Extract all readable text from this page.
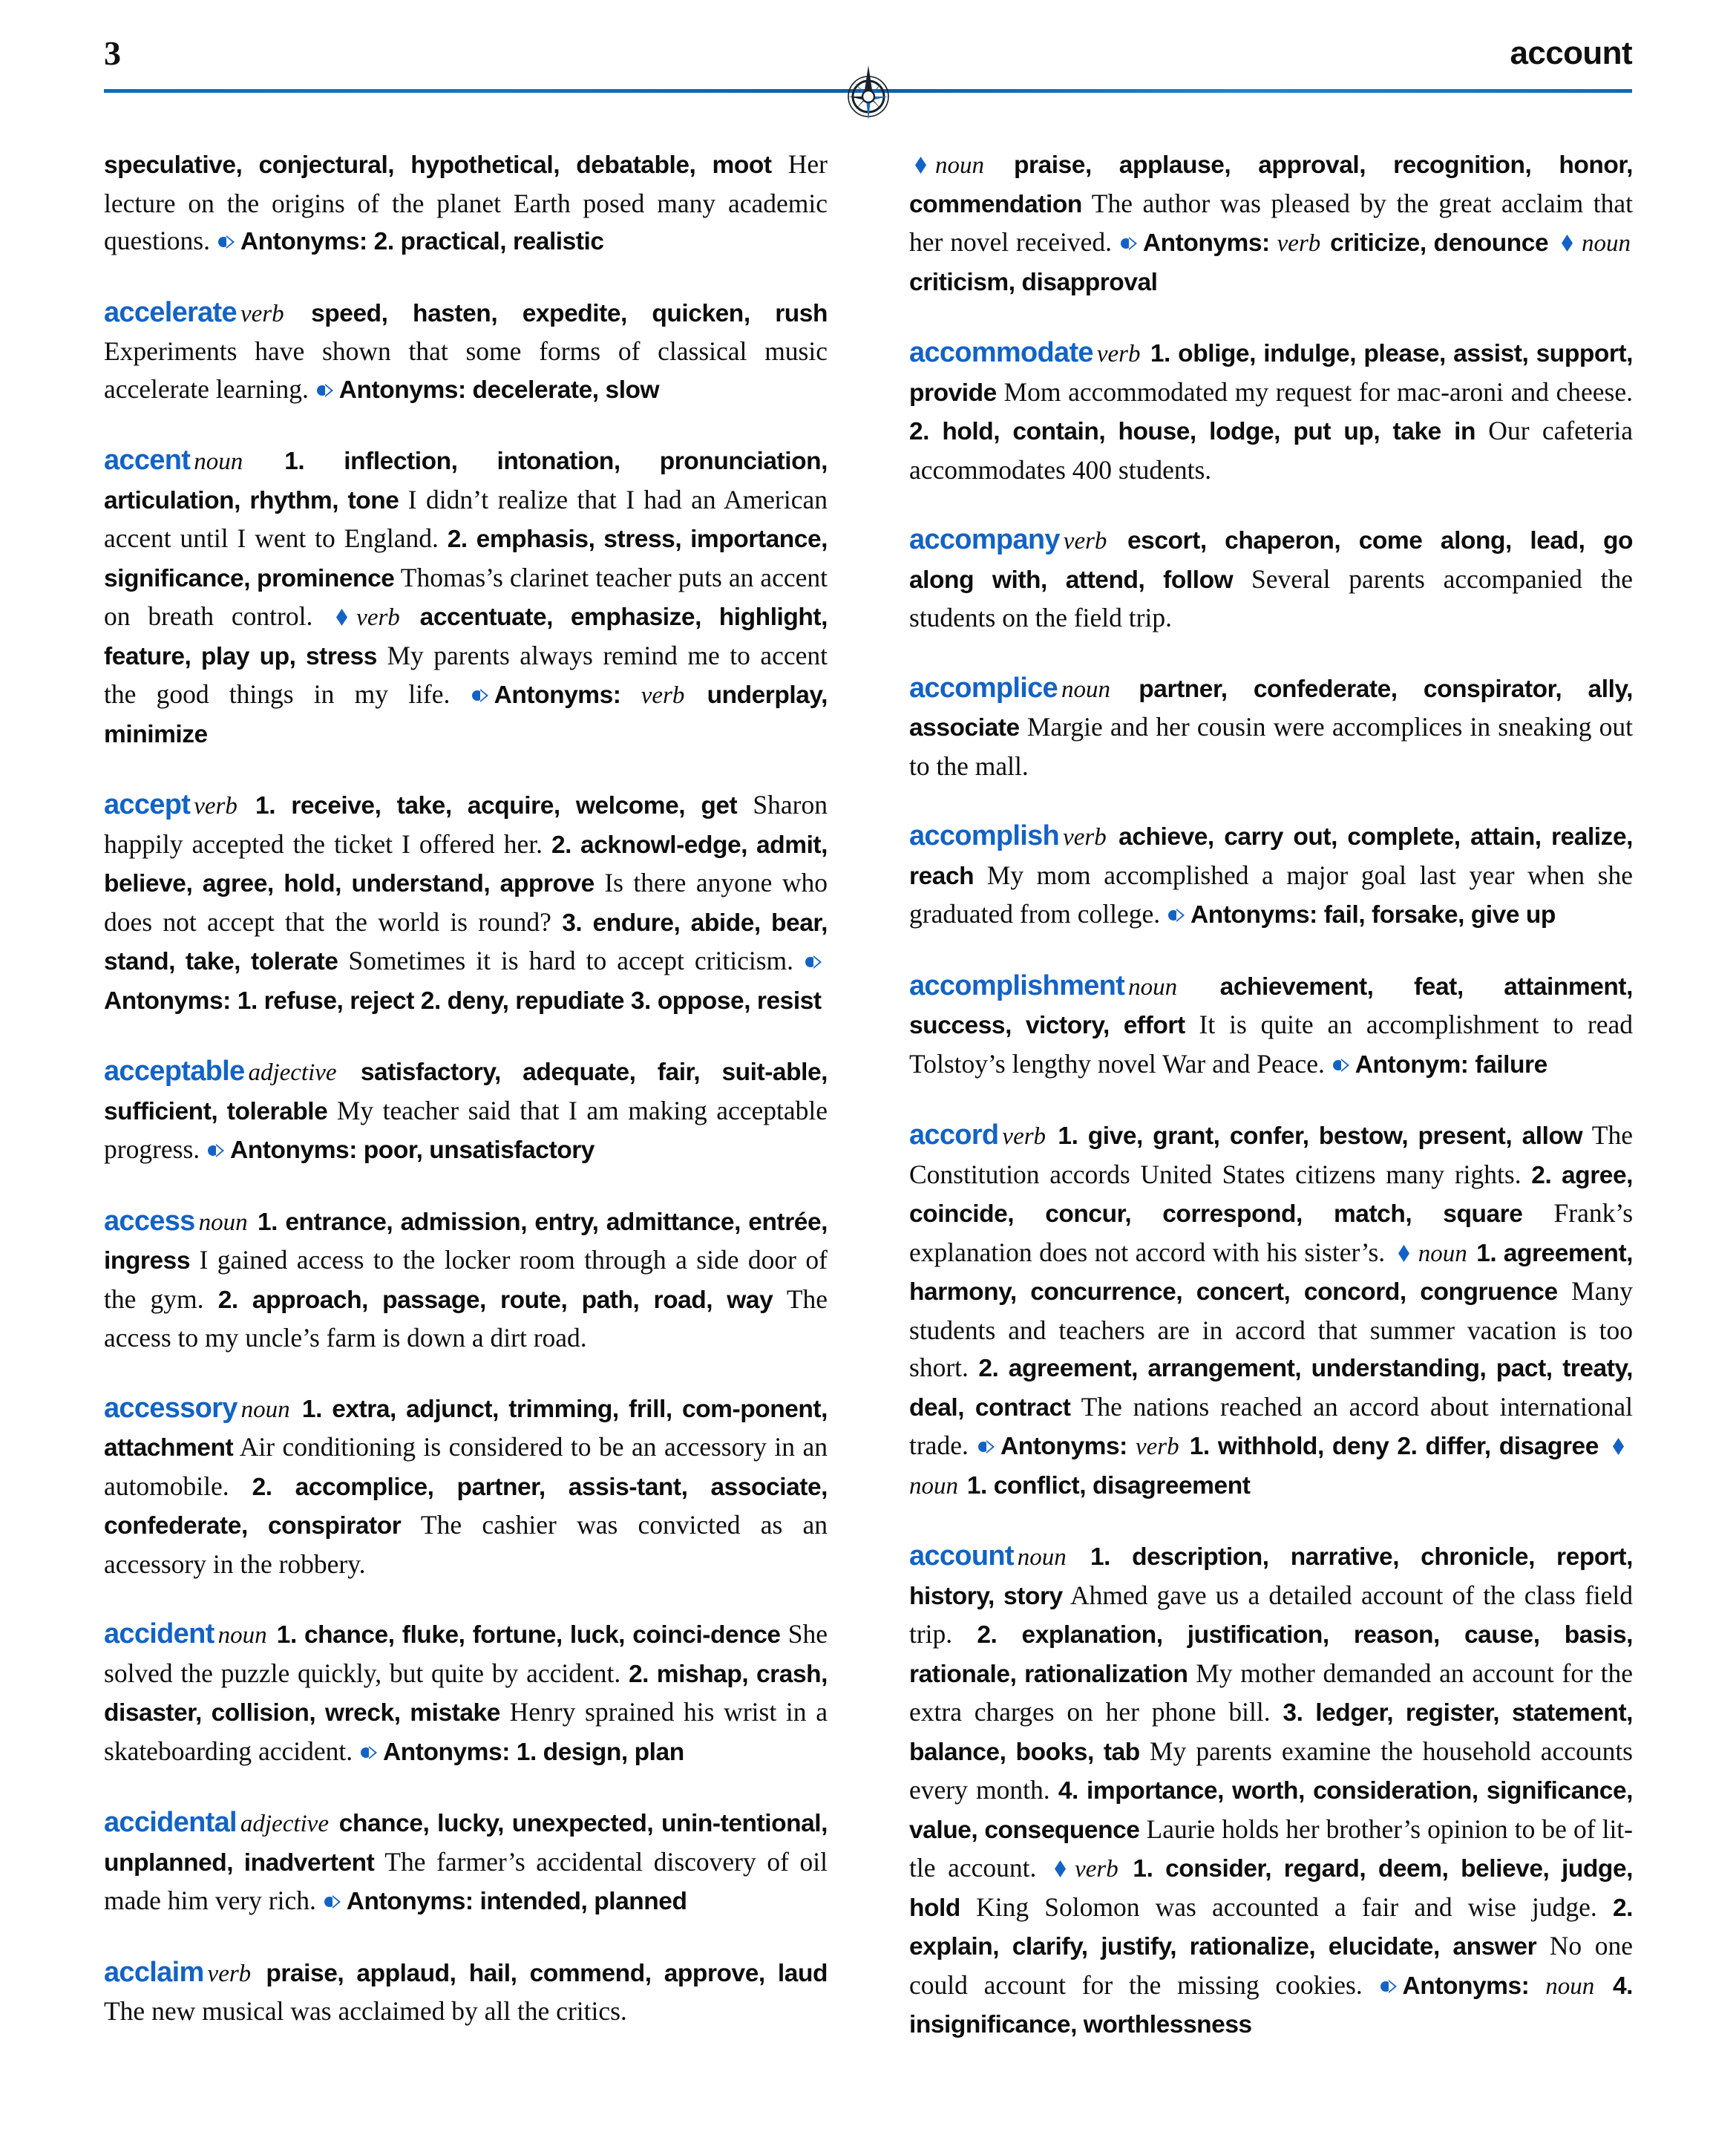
3	account

speculative, conjectural, hypothetical, debatable, moot Her lecture on the origins of the planet Earth posed many academic questions.
Antonyms: 2. practical, realistic

accelerate verb speed, hasten, expedite, quicken, rush Experiments have shown that some forms of classical music accelerate learning.
Antonyms: decelerate, slow

accent noun 1. inflection, intonation, pronunciation, articulation, rhythm, tone I didn’t realize that I had an American accent until I went to England. 2. emphasis, stress, importance, significance, prominence Thomas’s clarinet teacher puts an accent on breath control.
verb accentuate, emphasize, highlight, feature, play up, stress My parents always remind me to accent the good things in my life.
Antonyms: verb underplay, minimize

accept verb 1. receive, take, acquire, welcome, get Sharon happily accepted the ticket I offered her. 2. acknowl-edge, admit, believe, agree, hold, understand, approve Is there anyone who does not accept that the world is round? 3. endure, abide, bear, stand, take, tolerate Sometimes it is hard to accept criticism.
Antonyms: 1. refuse, reject 2. deny, repudiate 3. oppose, resist

acceptable adjective satisfactory, adequate, fair, suit-able, sufficient, tolerable My teacher said that I am making acceptable progress.
Antonyms: poor, unsatisfactory

access noun 1. entrance, admission, entry, admittance, entrée, ingress I gained access to the locker room through a side door of the gym. 2. approach, passage, route, path, road, way The access to my uncle’s farm is down a dirt road.

accessory noun 1. extra, adjunct, trimming, frill, com-ponent, attachment Air conditioning is considered to be an accessory in an automobile. 2. accomplice, partner, assis-tant, associate, confederate, conspirator The cashier was convicted as an accessory in the robbery.

accident noun 1. chance, fluke, fortune, luck, coinci-dence She solved the puzzle quickly, but quite by accident. 2. mishap, crash, disaster, collision, wreck, mistake Henry sprained his wrist in a skateboarding accident.
Antonyms: 1. design, plan

accidental adjective chance, lucky, unexpected, unin-tentional, unplanned, inadvertent The farmer’s accidental discovery of oil made him very rich.
Antonyms: intended, planned

acclaim verb praise, applaud, hail, commend, approve, laud The new musical was acclaimed by all the critics.

noun praise, applause, approval, recognition, honor, commendation The author was pleased by the great acclaim that her novel received.
Antonyms: verb criticize, denounce
noun criticism, disapproval

accommodate verb 1. oblige, indulge, please, assist, support, provide Mom accommodated my request for mac-aroni and cheese. 2. hold, contain, house, lodge, put up, take in Our cafeteria accommodates 400 students.

accompany verb escort, chaperon, come along, lead, go along with, attend, follow Several parents accompanied the students on the field trip.

accomplice noun partner, confederate, conspirator, ally, associate Margie and her cousin were accomplices in sneaking out to the mall.

accomplish verb achieve, carry out, complete, attain, realize, reach My mom accomplished a major goal last year when she graduated from college.
Antonyms: fail, forsake, give up

accomplishment noun achievement, feat, attainment, success, victory, effort It is quite an accomplishment to read Tolstoy’s lengthy novel War and Peace.
Antonym: failure

accord verb 1. give, grant, confer, bestow, present, allow The Constitution accords United States citizens many rights. 2. agree, coincide, concur, correspond, match, square Frank’s explanation does not accord with his sister’s.
noun 1. agreement, harmony, concurrence, concert, concord, congruence Many students and teachers are in accord that summer vacation is too short. 2. agreement, arrangement, understanding, pact, treaty, deal, contract The nations reached an accord about international trade.
Antonyms: verb 1. withhold, deny 2. differ, disagree
noun 1. conflict, disagreement

account noun 1. description, narrative, chronicle, report, history, story Ahmed gave us a detailed account of the class field trip. 2. explanation, justification, reason, cause, basis, rationale, rationalization My mother demanded an account for the extra charges on her phone bill. 3. ledger, register, statement, balance, books, tab My parents examine the household accounts every month. 4. importance, worth, consideration, significance, value, consequence Laurie holds her brother’s opinion to be of lit-tle account.
verb 1. consider, regard, deem, believe, judge, hold King Solomon was accounted a fair and wise judge. 2. explain, clarify, justify, rationalize, elucidate, answer No one could account for the missing cookies.
Antonyms: noun 4. insignificance, worthlessness
